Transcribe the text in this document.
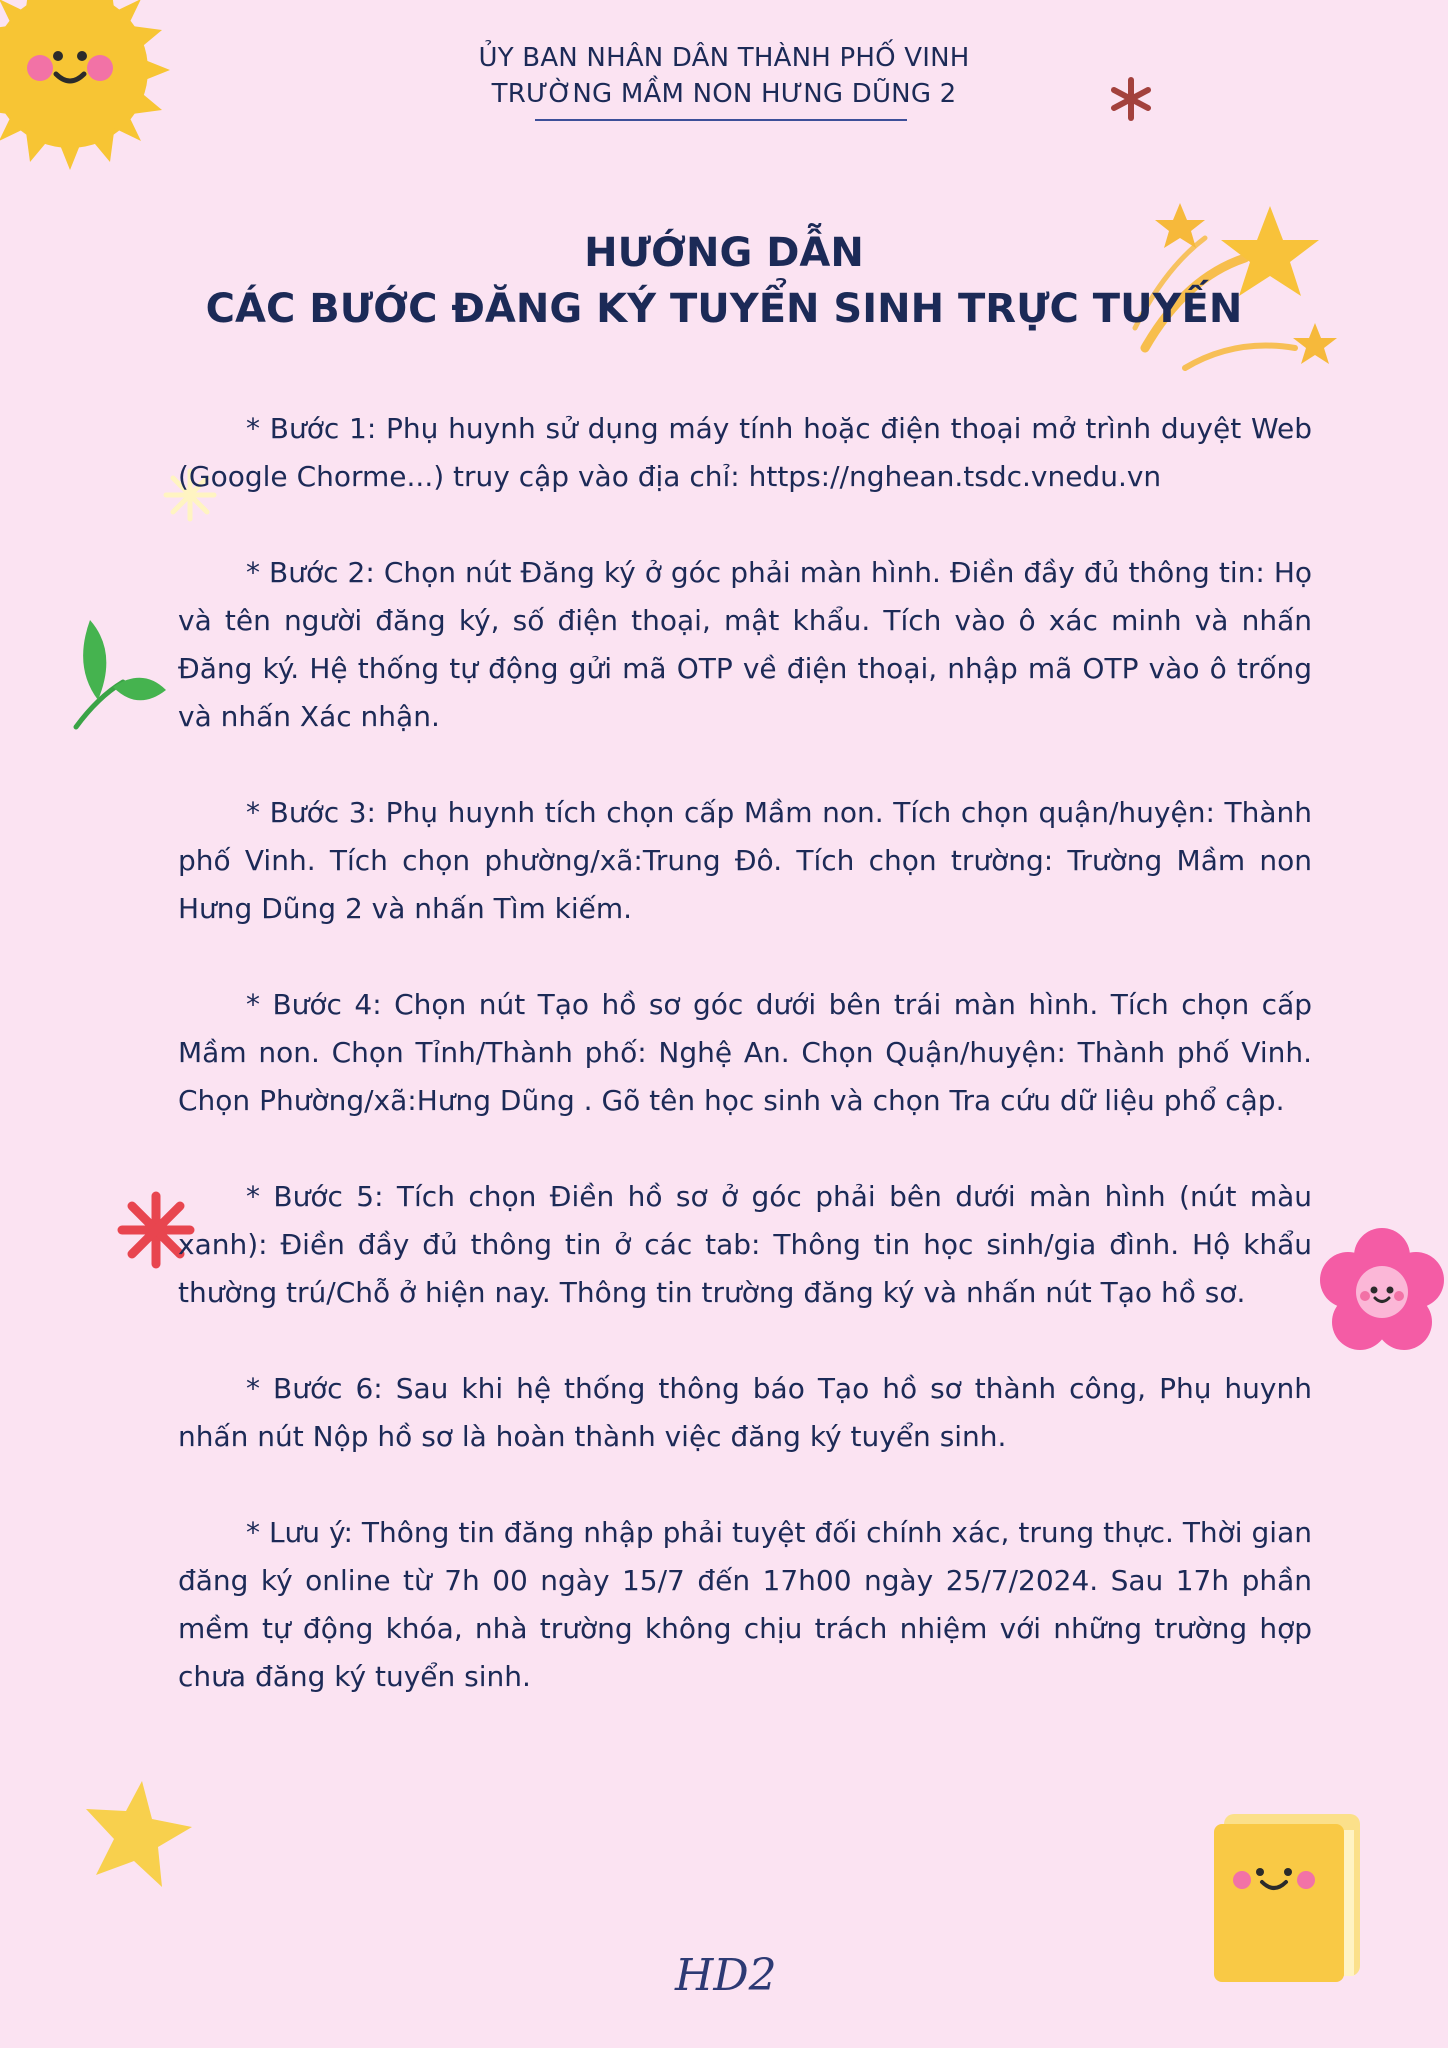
ỦY BAN NHÂN DÂN THÀNH PHỐ VINH
TRƯỜNG MẦM NON HƯNG DŨNG 2
HƯỚNG DẪN
CÁC BƯỚC ĐĂNG KÝ TUYỂN SINH TRỰC TUYẾN

* Bước 1: Phụ huynh sử dụng máy tính hoặc điện thoại mở trình duyệt Web (Google Chorme...) truy cập vào địa chỉ: https://nghean.tsdc.vnedu.vn

* Bước 2: Chọn nút Đăng ký ở góc phải màn hình. Điền đầy đủ thông tin: Họ và tên người đăng ký, số điện thoại, mật khẩu. Tích vào ô xác minh và nhấn Đăng ký. Hệ thống tự động gửi mã OTP về điện thoại, nhập mã OTP vào ô trống và nhấn Xác nhận.

* Bước 3: Phụ huynh tích chọn cấp Mầm non. Tích chọn quận/huyện: Thành phố Vinh. Tích chọn phường/xã:Trung Đô. Tích chọn trường: Trường Mầm non Hưng Dũng 2 và nhấn Tìm kiếm.

* Bước 4: Chọn nút Tạo hồ sơ góc dưới bên trái màn hình. Tích chọn cấp Mầm non. Chọn Tỉnh/Thành phố: Nghệ An. Chọn Quận/huyện: Thành phố Vinh. Chọn Phường/xã:Hưng Dũng . Gõ tên học sinh và chọn Tra cứu dữ liệu phổ cập.

* Bước 5: Tích chọn Điền hồ sơ ở góc phải bên dưới màn hình (nút màu xanh): Điền đầy đủ thông tin ở các tab: Thông tin học sinh/gia đình. Hộ khẩu thường trú/Chỗ ở hiện nay. Thông tin trường đăng ký và nhấn nút Tạo hồ sơ.

* Bước 6: Sau khi hệ thống thông báo Tạo hồ sơ thành công, Phụ huynh nhấn nút Nộp hồ sơ là hoàn thành việc đăng ký tuyển sinh.

* Lưu ý: Thông tin đăng nhập phải tuyệt đối chính xác, trung thực. Thời gian đăng ký online từ 7h 00 ngày 15/7 đến 17h00 ngày 25/7/2024. Sau 17h phần mềm tự động khóa, nhà trường không chịu trách nhiệm với những trường hợp chưa đăng ký tuyển sinh.

HD2
